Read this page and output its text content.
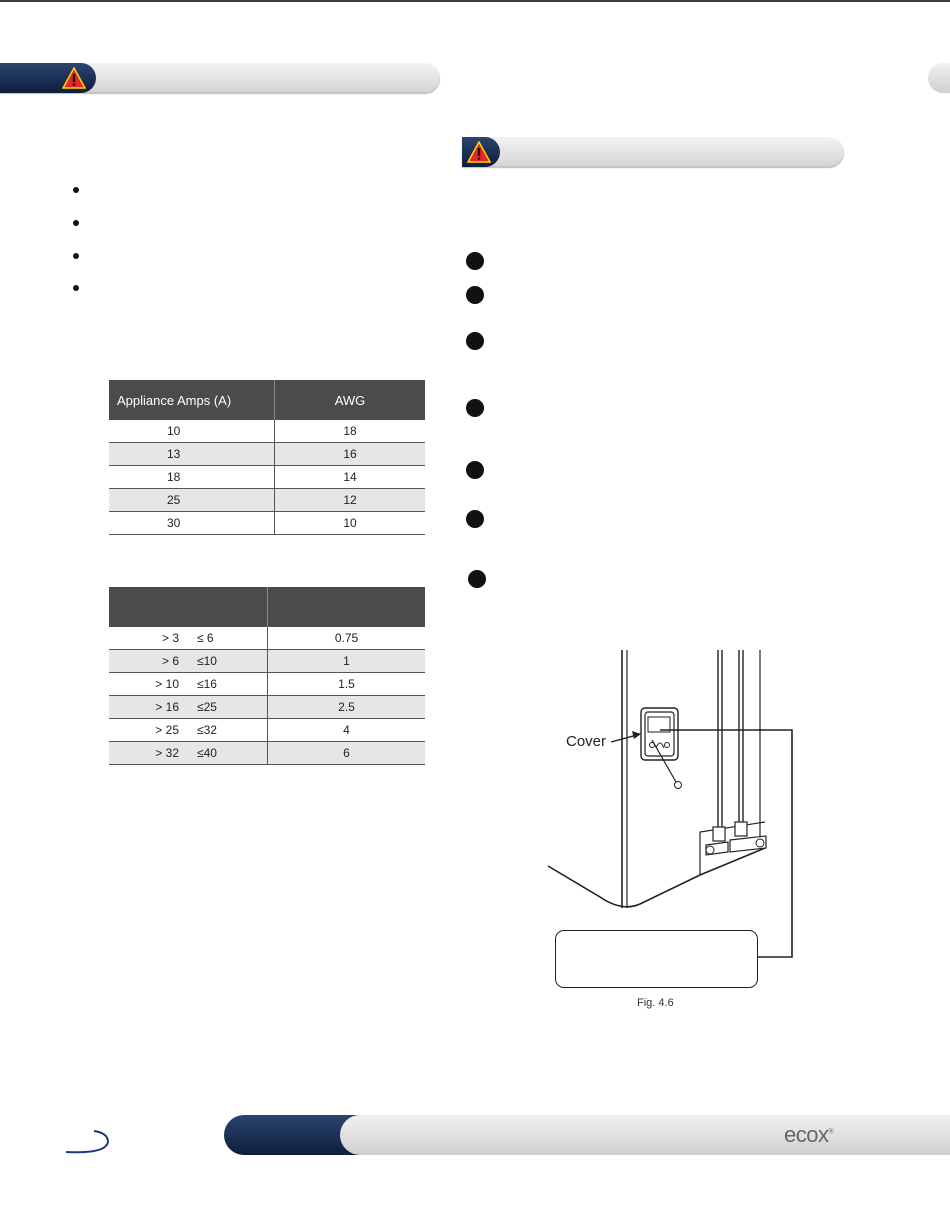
Appliance Amps (A)	AWG
10	18
13	16
18	14
25	12
30	10

> 3 ≤ 6	0.75

> 6 ≤10	1

> 10 ≤16	1.5

> 16 ≤25	2.5

> 25 ≤32	4

> 32 ≤40	6
Cover
Fig. 4.6
ecox®
